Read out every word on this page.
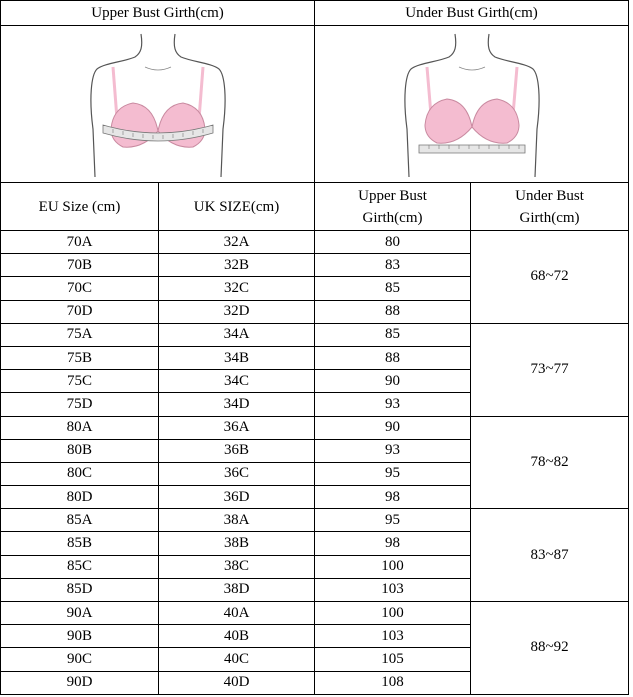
Upper Bust Girth(cm)		Under Bust Girth(cm)	

EU Size (cm)	UK SIZE(cm)	Upper Bust Girth(cm)	Under Bust Girth(cm)
70A	32A	80	68~72
70B	32B	83	
70C	32C	85	
70D	32D	88	
75A	34A	85	73~77
75B	34B	88	
75C	34C	90	
75D	34D	93	
80A	36A	90	78~82
80B	36B	93	
80C	36C	95	
80D	36D	98	
85A	38A	95	83~87
85B	38B	98	
85C	38C	100	
85D	38D	103	
90A	40A	100	88~92
90B	40B	103	
90C	40C	105	
90D	40D	108	
